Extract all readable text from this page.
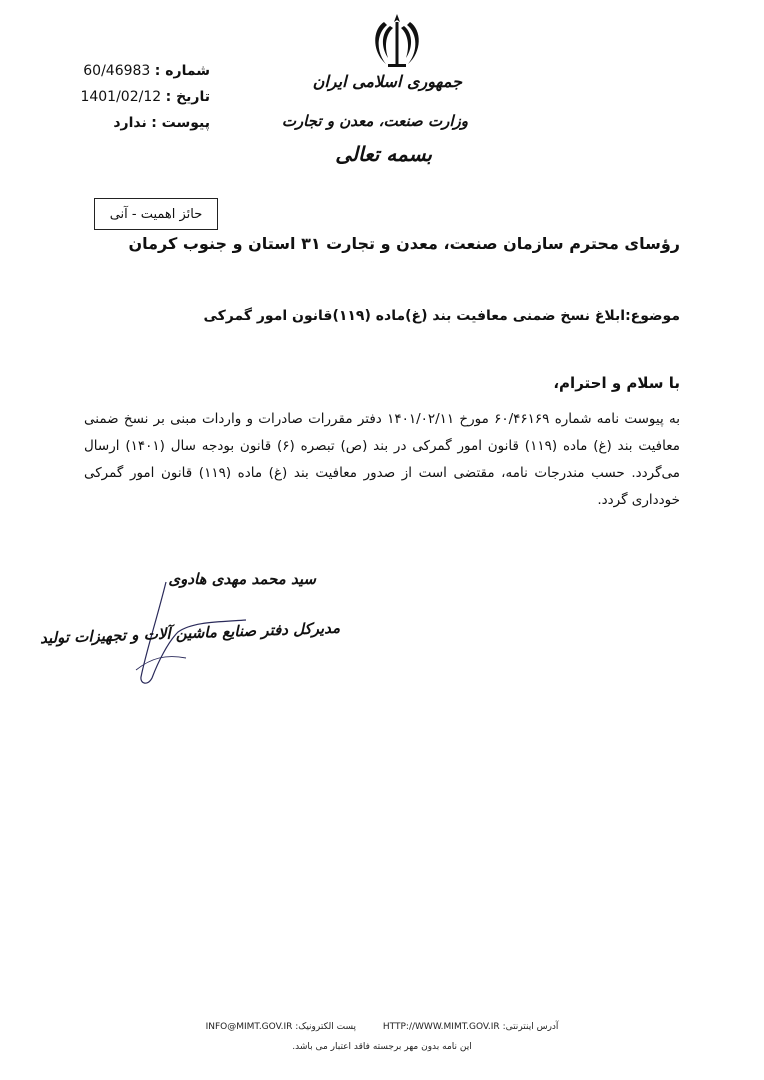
جمهوری اسلامی ایران
وزارت صنعت، معدن و تجارت
بسمه تعالی
شماره : 60/46983
تاریخ : 1401/02/12
پیوست : ندارد
حائز اهمیت - آنی
رؤسای محترم سازمان صنعت، معدن و تجارت ۳۱ استان و جنوب کرمان
موضوع:ابلاغ نسخ ضمنی معافیت بند (غ)ماده (۱۱۹)قانون امور گمرکی
با سلام و احترام،
به پیوست نامه شماره ۶۰/۴۶۱۶۹ مورخ ۱۴۰۱/۰۲/۱۱ دفتر مقررات صادرات و واردات مبنی بر نسخ ضمنی معافیت بند (غ) ماده (۱۱۹) قانون امور گمرکی در بند (ص) تبصره (۶) قانون بودجه سال (۱۴۰۱) ارسال می‌گردد. حسب مندرجات نامه، مقتضی است از صدور معافیت بند (غ) ماده (۱۱۹) قانون امور گمرکی خودداری گردد.
سید محمد مهدی هادوی
مدیرکل دفتر صنایع ماشین آلات و تجهیزات تولید
INFO@MIMT.GOV.IR پست الکترونیک:	HTTP://WWW.MIMT.GOV.IR آدرس اینترنتی:
این نامه بدون مهر برجسته فاقد اعتبار می باشد.
